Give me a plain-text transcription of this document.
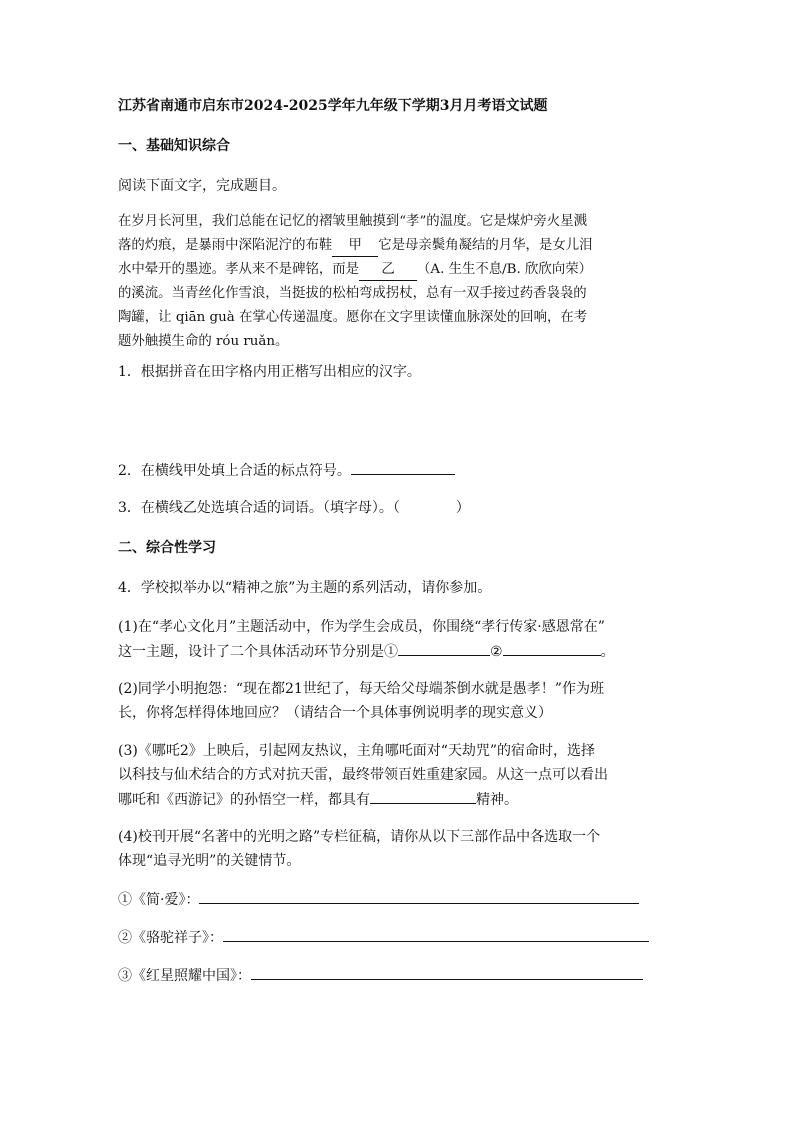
江苏省南通市启东市2024-2025学年九年级下学期3月月考语文试题
一、基础知识综合
阅读下面文字，完成题目。
在岁月长河里，我们总能在记忆的褶皱里触摸到“孝”的温度。它是煤炉旁火星溅
落的灼痕，是暴雨中深陷泥泞的布鞋 甲 它是母亲鬓角凝结的月华，是女儿泪
水中晕开的墨迹。孝从来不是碑铭，而是 乙 （A. 生生不息/B. 欣欣向荣）
的溪流。当青丝化作雪浪，当挺拔的松柏弯成拐杖，总有一双手接过药香袅袅的
陶罐，让 qiān guà 在掌心传递温度。愿你在文字里读懂血脉深处的回响，在考
题外触摸生命的 róu ruǎn。
1．根据拼音在田字格内用正楷写出相应的汉字。
2．在横线甲处填上合适的标点符号。
3．在横线乙处选填合适的词语。（填字母）。（	）
二、综合性学习
4．学校拟举办以“精神之旅”为主题的系列活动，请你参加。
(1)在“孝心文化月”主题活动中，作为学生会成员，你围绕“孝行传家·感恩常在”
这一主题，设计了二个具体活动环节分别是①	②	。
(2)同学小明抱怨：“现在都21世纪了，每天给父母端茶倒水就是愚孝！”作为班
长，你将怎样得体地回应？（请结合一个具体事例说明孝的现实意义）
(3)《哪吒2》上映后，引起网友热议，主角哪吒面对“天劫咒”的宿命时，选择
以科技与仙术结合的方式对抗天雷，最终带领百姓重建家园。从这一点可以看出
哪吒和《西游记》的孙悟空一样，都具有	精神。
(4)校刊开展“名著中的光明之路”专栏征稿，请你从以下三部作品中各选取一个
体现“追寻光明”的关键情节。
①《简·爱》：
②《骆驼祥子》：
③《红星照耀中国》：
